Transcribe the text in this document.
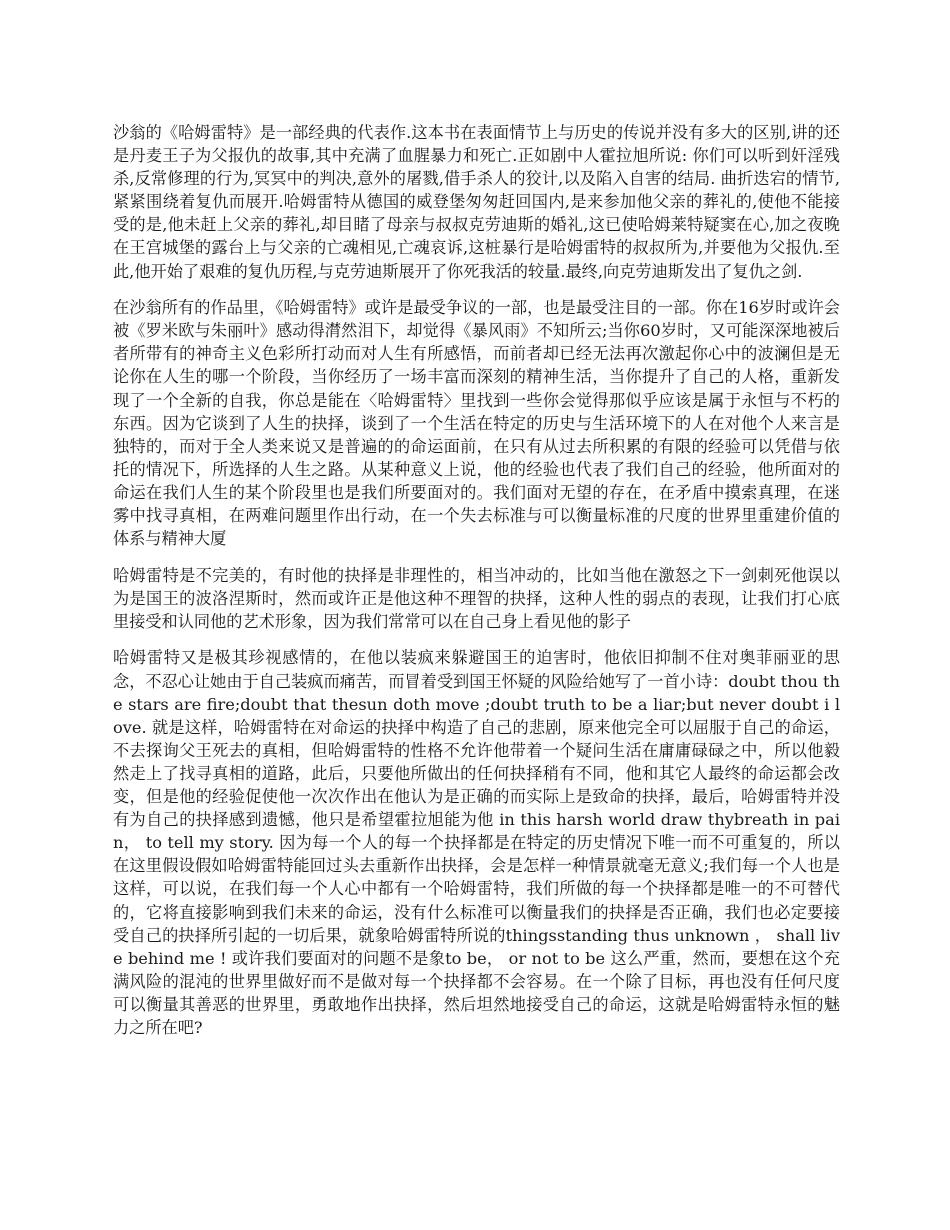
沙翁的《哈姆雷特》是一部经典的代表作.这本书在表面情节上与历史的传说并没有多大的区别,讲的还是丹麦王子为父报仇的故事,其中充满了血腥暴力和死亡.正如剧中人霍拉旭所说: 你们可以听到奸淫残杀,反常修理的行为,冥冥中的判决,意外的屠戮,借手杀人的狡计,以及陷入自害的结局. 曲折迭宕的情节,紧紧围绕着复仇而展开.哈姆雷特从德国的威登堡匆匆赶回国内,是来参加他父亲的葬礼的,使他不能接受的是,他未赶上父亲的葬礼,却目睹了母亲与叔叔克劳迪斯的婚礼,这已使哈姆莱特疑窦在心,加之夜晚在王宫城堡的露台上与父亲的亡魂相见,亡魂哀诉,这桩暴行是哈姆雷特的叔叔所为,并要他为父报仇.至此,他开始了艰难的复仇历程,与克劳迪斯展开了你死我活的较量.最终,向克劳迪斯发出了复仇之剑.

在沙翁所有的作品里，《哈姆雷特》或许是最受争议的一部，也是最受注目的一部。你在16岁时或许会被《罗米欧与朱丽叶》感动得潸然泪下，却觉得《暴风雨》不知所云;当你60岁时，又可能深深地被后者所带有的神奇主义色彩所打动而对人生有所感悟，而前者却已经无法再次激起你心中的波澜但是无论你在人生的哪一个阶段，当你经历了一场丰富而深刻的精神生活，当你提升了自己的人格，重新发现了一个全新的自我，你总是能在〈哈姆雷特〉里找到一些你会觉得那似乎应该是属于永恒与不朽的东西。因为它谈到了人生的抉择，谈到了一个生活在特定的历史与生活环境下的人在对他个人来言是独特的，而对于全人类来说又是普遍的的命运面前，在只有从过去所积累的有限的经验可以凭借与依托的情况下，所选择的人生之路。从某种意义上说，他的经验也代表了我们自己的经验，他所面对的命运在我们人生的某个阶段里也是我们所要面对的。我们面对无望的存在，在矛盾中摸索真理，在迷雾中找寻真相，在两难问题里作出行动，在一个失去标准与可以衡量标准的尺度的世界里重建价值的体系与精神大厦

哈姆雷特是不完美的，有时他的抉择是非理性的，相当冲动的，比如当他在激怒之下一剑刺死他误以为是国王的波洛涅斯时，然而或许正是他这种不理智的抉择，这种人性的弱点的表现，让我们打心底里接受和认同他的艺术形象，因为我们常常可以在自己身上看见他的影子

哈姆雷特又是极其珍视感情的，在他以装疯来躲避国王的迫害时，他依旧抑制不住对奥菲丽亚的思念，不忍心让她由于自己装疯而痛苦，而冒着受到国王怀疑的风险给她写了一首小诗：doubt thou the stars are fire;doubt that thesun doth move ;doubt truth to be a liar;but never doubt i love. 就是这样，哈姆雷特在对命运的抉择中构造了自己的悲剧，原来他完全可以屈服于自己的命运，不去探询父王死去的真相，但哈姆雷特的性格不允许他带着一个疑问生活在庸庸碌碌之中，所以他毅然走上了找寻真相的道路，此后，只要他所做出的任何抉择稍有不同，他和其它人最终的命运都会改变，但是他的经验促使他一次次作出在他认为是正确的而实际上是致命的抉择，最后，哈姆雷特并没有为自己的抉择感到遗憾，他只是希望霍拉旭能为他 in this harsh world draw thybreath in pain， to tell my story. 因为每一个人的每一个抉择都是在特定的历史情况下唯一而不可重复的，所以在这里假设假如哈姆雷特能回过头去重新作出抉择，会是怎样一种情景就毫无意义;我们每一个人也是这样，可以说，在我们每一个人心中都有一个哈姆雷特，我们所做的每一个抉择都是唯一的不可替代的，它将直接影响到我们未来的命运，没有什么标准可以衡量我们的抉择是否正确，我们也必定要接受自己的抉择所引起的一切后果，就象哈姆雷特所说的thingsstanding thus unknown ， shall live behind me ! 或许我们要面对的问题不是象to be， or not to be 这么严重，然而，要想在这个充满风险的混沌的世界里做好而不是做对每一个抉择都不会容易。在一个除了目标，再也没有任何尺度可以衡量其善恶的世界里，勇敢地作出抉择，然后坦然地接受自己的命运，这就是哈姆雷特永恒的魅力之所在吧?
